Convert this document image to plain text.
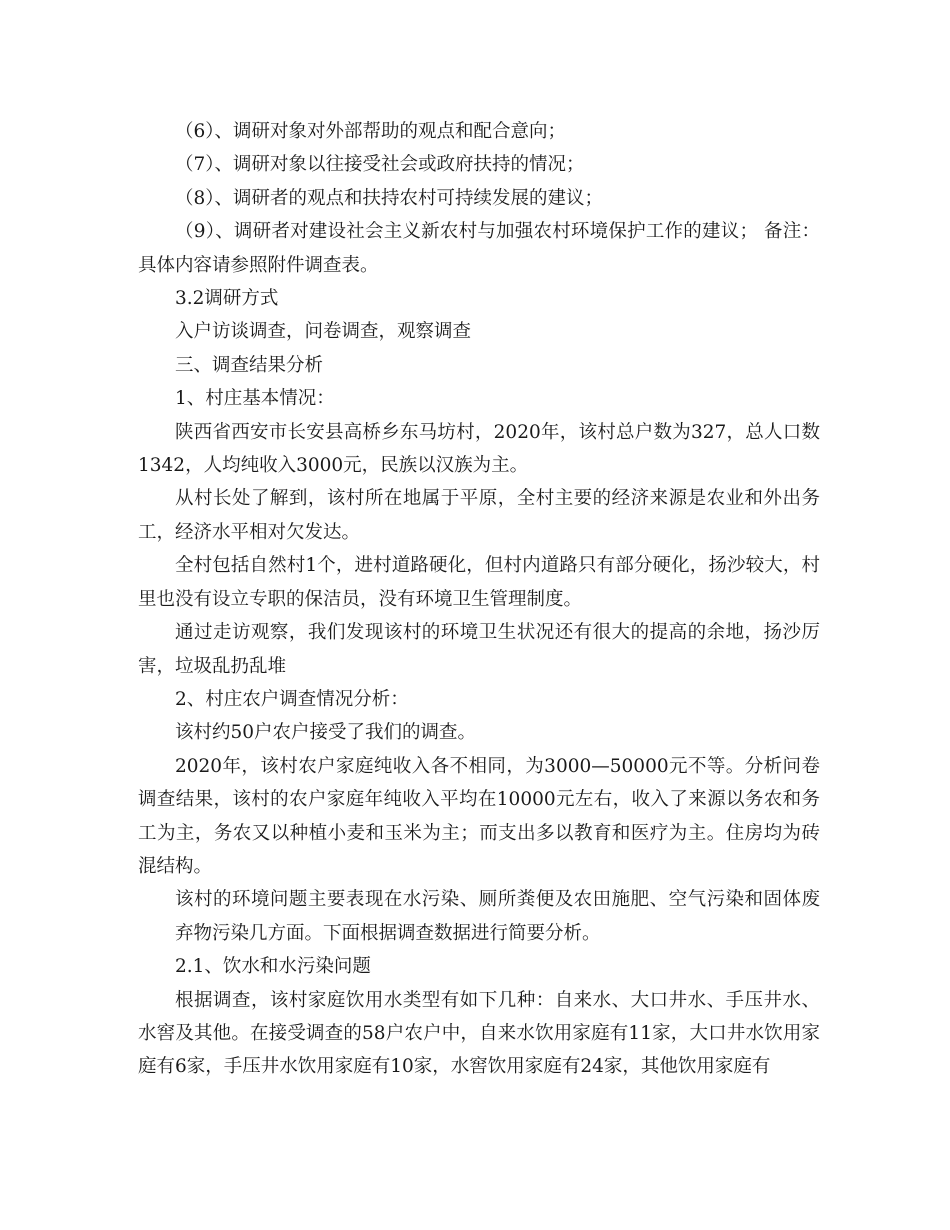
（6）、调研对象对外部帮助的观点和配合意向；

（7）、调研对象以往接受社会或政府扶持的情况；

（8）、调研者的观点和扶持农村可持续发展的建议；

（9）、调研者对建设社会主义新农村与加强农村环境保护工作的建议； 备注：具体内容请参照附件调查表。

3.2调研方式

入户访谈调查，问卷调查，观察调查

三、调查结果分析

1、村庄基本情况：

陕西省西安市长安县高桥乡东马坊村，2020年，该村总户数为327，总人口数1342，人均纯收入3000元，民族以汉族为主。

从村长处了解到，该村所在地属于平原，全村主要的经济来源是农业和外出务工，经济水平相对欠发达。

全村包括自然村1个，进村道路硬化，但村内道路只有部分硬化，扬沙较大，村里也没有设立专职的保洁员，没有环境卫生管理制度。

通过走访观察，我们发现该村的环境卫生状况还有很大的提高的余地，扬沙厉害，垃圾乱扔乱堆

2、村庄农户调查情况分析：

该村约50户农户接受了我们的调查。

2020年，该村农户家庭纯收入各不相同，为3000—50000元不等。分析问卷调查结果，该村的农户家庭年纯收入平均在10000元左右，收入了来源以务农和务工为主，务农又以种植小麦和玉米为主；而支出多以教育和医疗为主。住房均为砖混结构。

该村的环境问题主要表现在水污染、厕所粪便及农田施肥、空气污染和固体废弃物污染几方面。下面根据调查数据进行简要分析。

2.1、饮水和水污染问题

根据调查，该村家庭饮用水类型有如下几种：自来水、大口井水、手压井水、水窖及其他。在接受调查的58户农户中，自来水饮用家庭有11家，大口井水饮用家庭有6家，手压井水饮用家庭有10家，水窖饮用家庭有24家，其他饮用家庭有
